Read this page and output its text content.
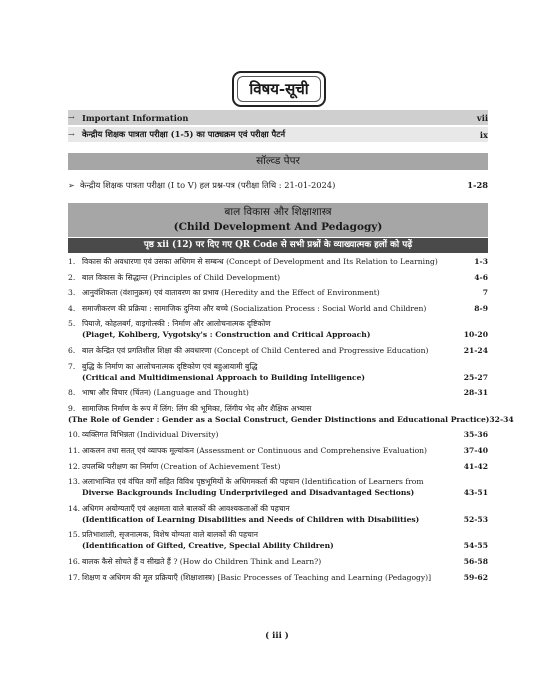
विषय-सूची
→ Important Information	vii
→ केन्द्रीय शिक्षक पात्रता परीक्षा (1-5) का पाठ्यक्रम एवं परीक्षा पैटर्न	ix
सॉल्व्ड पेपर
➢ केन्द्रीय शिक्षक पात्रता परीक्षा (I to V) हल प्रश्न-पत्र (परीक्षा तिथि : 21-01-2024)	1-28
बाल विकास और शिक्षाशास्त्र
(Child Development And Pedagogy)
पृष्ठ xii (12) पर दिए गए QR Code से सभी प्रश्नों के व्याख्यात्मक हलों को पढ़ें
1. विकास की अवधारणा एवं उसका अधिगम से सम्बन्ध (Concept of Development and Its Relation to Learning)	1-3
2. बाल विकास के सिद्धान्त (Principles of Child Development)	4-6
3. आनुवंशिकता (वंशानुक्रम) एवं वातावरण का प्रभाव (Heredity and the Effect of Environment)	7
4. समाजीकरण की प्रक्रिया : सामाजिक दुनिया और बच्चे (Socialization Process : Social World and Children)	8-9
5. पियाजे, कोहलबर्ग, वाइगोत्स्की : निर्माण और आलोचनात्मक दृष्टिकोण
(Piaget, Kohlberg, Vygotsky's : Construction and Critical Approach)	10-20
6. बाल केन्द्रित एवं प्रगतिशील शिक्षा की अवधारणा (Concept of Child Centered and Progressive Education)	21-24
7. बुद्धि के निर्माण का आलोचनात्मक दृष्टिकोण एवं बहुआयामी बुद्धि
(Critical and Multidimensional Approach to Building Intelligence)	25-27
8. भाषा और विचार (चिंतन) (Language and Thought)	28-31
9. सामाजिक निर्माण के रूप में लिंग: लिंग की भूमिका, लिंगीय भेद और शैक्षिक अभ्यास
(The Role of Gender : Gender as a Social Construct, Gender Distinctions and Educational Practice) 32-34
10. व्यक्तिगत विभिन्नता (Individual Diversity)	35-36
11. आकलन तथा सतत् एवं व्यापक मूल्यांकन (Assessment or Continuous and Comprehensive Evaluation)	37-40
12. उपलब्धि परीक्षण का निर्माण (Creation of Achievement Test)	41-42
13. अलाभान्वित एवं वंचित वर्गों सहित विविध पृष्ठभूमियों के अधिगमकर्ता की पहचान (Identification of Learners from
Diverse Backgrounds Including Underprivileged and Disadvantaged Sections)	43-51
14. अधिगम अयोग्यताएँ एवं अक्षमता वाले बालकों की आवश्यकताओं की पहचान
(Identification of Learning Disabilities and Needs of Children with Disabilities)	52-53
15. प्रतिभाशाली, सृजनात्मक, विशेष योग्यता वाले बालकों की पहचान
(Identification of Gifted, Creative, Special Ability Children)	54-55
16. बालक कैसे सोचते हैं व सीखते हैं ? (How do Children Think and Learn?)	56-58
17. शिक्षण व अधिगम की मूल प्रक्रियाएँ (शिक्षाशास्त्र) [Basic Processes of Teaching and Learning (Pedagogy)]	59-62
( iii )
